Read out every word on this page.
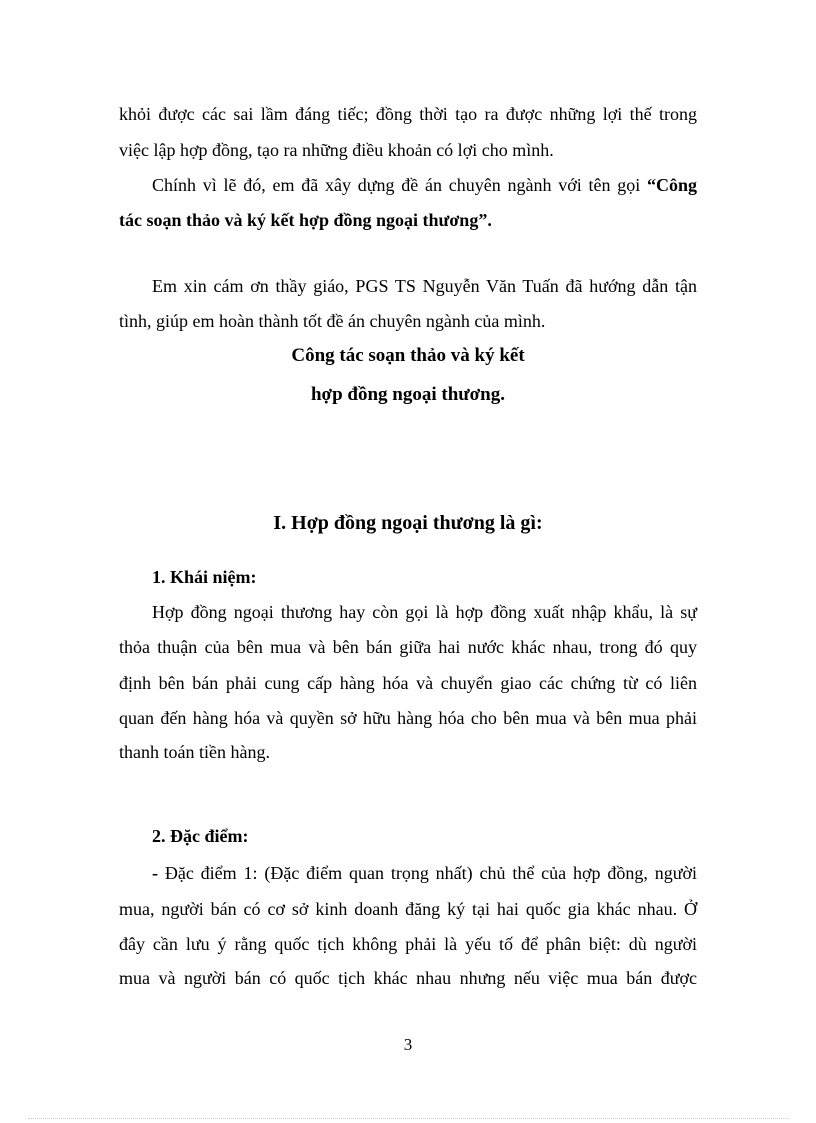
khỏi được các sai lầm đáng tiếc; đồng thời tạo ra được những lợi thế trong
việc lập hợp đồng, tạo ra những điều khoản có lợi cho mình.
Chính vì lẽ đó, em đã xây dựng đề án chuyên ngành với tên gọi “Công
tác soạn thảo và ký kết hợp đồng ngoại thương”.
Em xin cám ơn thầy giáo, PGS TS Nguyễn Văn Tuấn đã hướng dẫn tận
tình, giúp em hoàn thành tốt đề án chuyên ngành của mình.
Công tác soạn thảo và ký kết
hợp đồng ngoại thương.
I. Hợp đồng ngoại thương là gì:
1. Khái niệm:
Hợp đồng ngoại thương hay còn gọi là hợp đồng xuất nhập khẩu, là sự
thỏa thuận của bên mua và bên bán giữa hai nước khác nhau, trong đó quy
định bên bán phải cung cấp hàng hóa và chuyển giao các chứng từ có liên
quan đến hàng hóa và quyền sở hữu hàng hóa cho bên mua và bên mua phải
thanh toán tiền hàng.
2. Đặc điểm:
- Đặc điểm 1: (Đặc điểm quan trọng nhất) chủ thể của hợp đồng, người
mua, người bán có cơ sở kinh doanh đăng ký tại hai quốc gia khác nhau. Ở
đây cần lưu ý rằng quốc tịch không phải là yếu tố để phân biệt: dù người
mua và người bán có quốc tịch khác nhau nhưng nếu việc mua bán được
3
